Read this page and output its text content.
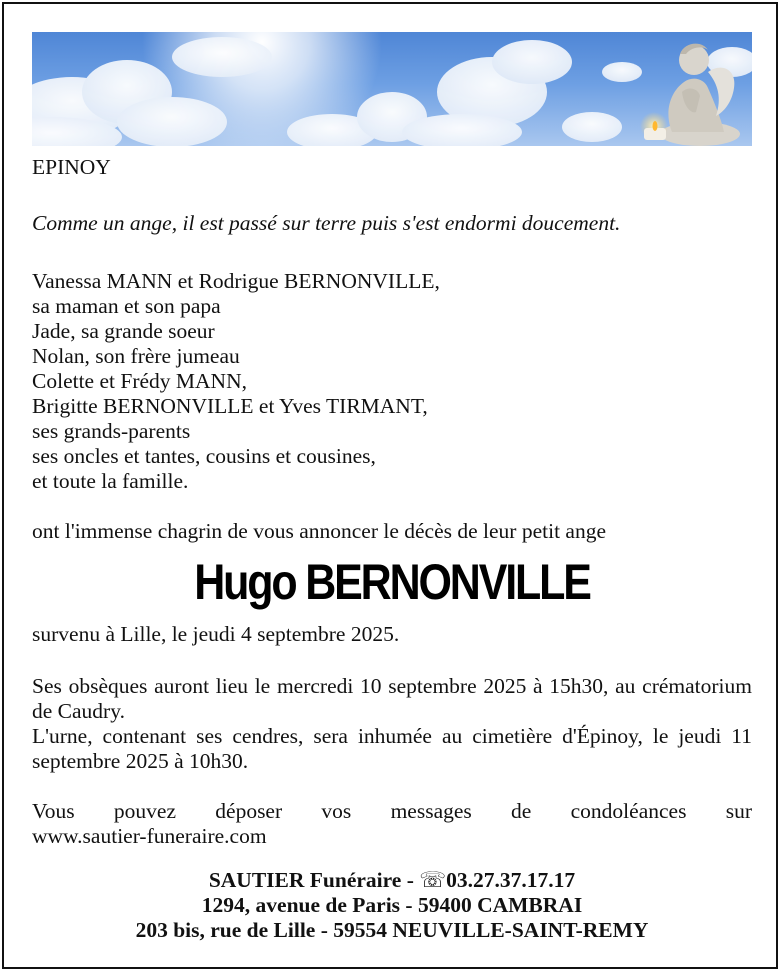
EPINOY
Comme un ange, il est passé sur terre puis s'est endormi doucement.
Vanessa MANN et Rodrigue BERNONVILLE,
sa maman et son papa
Jade, sa grande soeur
Nolan, son frère jumeau
Colette et Frédy MANN,
Brigitte BERNONVILLE et Yves TIRMANT,
ses grands-parents
ses oncles et tantes, cousins et cousines,
et toute la famille.
ont l'immense chagrin de vous annoncer le décès de leur petit ange
Hugo BERNONVILLE
survenu à Lille, le jeudi 4 septembre 2025.
Ses obsèques auront lieu le mercredi 10 septembre 2025 à 15h30, au crématorium de Caudry.
L'urne, contenant ses cendres, sera inhumée au cimetière d'Épinoy, le jeudi 11 septembre 2025 à 10h30.
Vous pouvez déposer vos messages de condoléances sur
www.sautier-funeraire.com
SAUTIER Funéraire - ☏03.27.37.17.17
1294, avenue de Paris - 59400 CAMBRAI
203 bis, rue de Lille - 59554 NEUVILLE-SAINT-REMY
